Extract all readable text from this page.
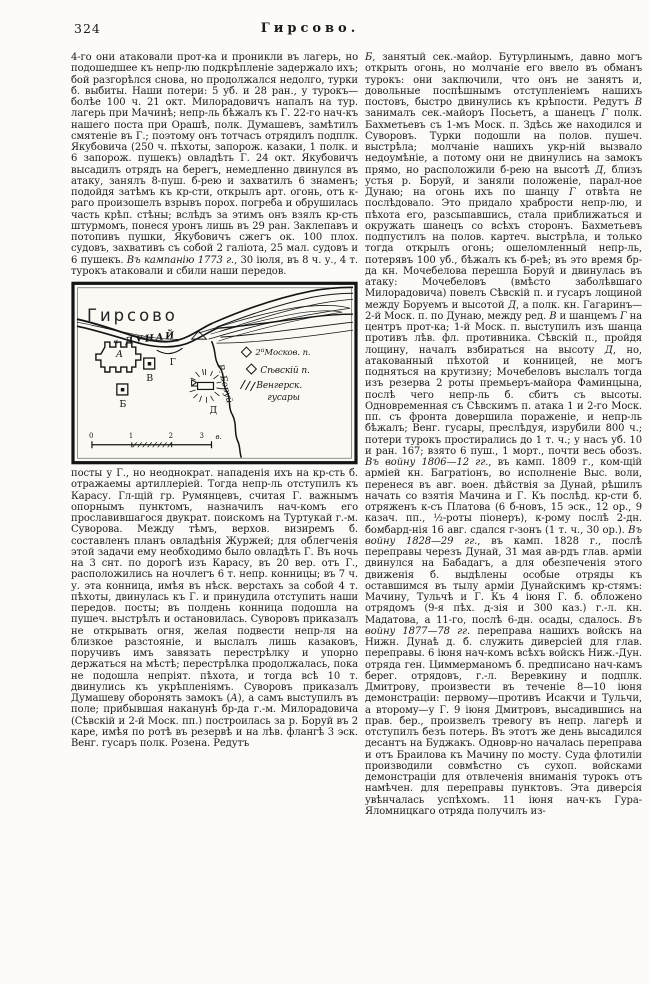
324	Гирсово.
4-го они атаковали прот-ка и проникли въ лагерь, но подошедшее къ непр-лю подкрѣпленіе задержало ихъ; бой разгорѣлся снова, но продолжался недолго, турки б. выбиты. Наши потери: 5 уб. и 28 ран., у турокъ—болѣе 100 ч. 21 окт. Милорадовичъ напалъ на тур. лагерь при Мачинѣ; непр-ль бѣжалъ къ Г. 22-го нач-къ нашего поста при Орашѣ, полк. Думашевъ, замѣтилъ смятеніе въ Г.; поэтому онъ тотчасъ отрядилъ подплк. Якубовича (250 ч. пѣхоты, запорож. казаки, 1 полк. и 6 запорож. пушекъ) овладѣть Г. 24 окт. Якубовичъ высадилъ отрядъ на берегъ, немедленно двинулся въ атаку, занялъ 8-пуш. б-рею и захватилъ 6 знаменъ; подойдя затѣмъ къ кр-сти, открылъ арт. огонь, отъ к-раго произошелъ взрывъ порох. погреба и обрушилась часть крѣп. стѣны; вслѣдъ за этимъ онъ взялъ кр-сть штурмомъ, понеся уронъ лишь въ 29 ран. Заклепавъ и потопивъ пушки, Якубовичъ сжегъ ок. 100 плох. судовъ, захвативъ съ собой 2 галіота, 25 мал. судовъ и 6 пушекъ. Въ кампанію 1773 г., 30 іюля, въ 8 ч. у., 4 т. турокъ атаковали и сбили наши передов.
Гирсово
« ДУНАЙ
А
В
Б
Г
Д
Р. Боруй
$2^йМосков$. п.
Сѣвскій п.
Венгерск.
гусары
0	1	2	3 в.
посты у Г., но неоднократ. нападенія ихъ на кр-сть б. отражаемы артиллеріей. Тогда непр-ль отступилъ къ Карасу. Гл-щій гр. Румянцевъ, считая Г. важнымъ опорнымъ пунктомъ, назначилъ нач-комъ его прославившагося двукрат. поискомъ на Туртукай г.-м. Суворова. Между тѣмъ, верхов. визиремъ б. составленъ планъ овладѣнія Журжей; для облегченія этой задачи ему необходимо было овладѣть Г. Въ ночь на 3 снт. по дорогѣ изъ Карасу, въ 20 вер. отъ Г., расположились на ночлегъ 6 т. непр. конницы; въ 7 ч. у. эта конница, имѣя въ нѣск. верстахъ за собой 4 т. пѣхоты, двинулась къ Г. и принудила отступить наши передов. посты; въ полдень конница подошла на пушеч. выстрѣлъ и остановилась. Суворовъ приказалъ не открывать огня, желая подвести непр-ля на близкое разстояніе, и выслалъ лишь казаковъ, поручивъ имъ завязать перестрѣлку и упорно держаться на мѣстѣ; перестрѣлка продолжалась, пока не подошла непріят. пѣхота, и тогда всѣ 10 т. двинулись къ укрѣпленіямъ. Суворовъ приказалъ Думашеву оборонять замокъ (А), а самъ выступилъ въ поле; прибывшая наканунѣ бр-да г.-м. Милорадовича (Сѣвскій и 2-й Моск. пп.) построилась за р. Боруй въ 2 каре, имѣя по ротѣ въ резервѣ и на лѣв. флангѣ 3 эск. Венг. гусаръ полк. Розена. Редутъ
Б, занятый сек.-майор. Бутурлинымъ, давно могъ открыть огонь, но молчаніе его ввело въ обманъ турокъ: они заключили, что онъ не занятъ и, довольные поспѣшнымъ отступленіемъ нашихъ постовъ, быстро двинулись къ крѣпости. Редутъ В занималъ сек.-майоръ Посьетъ, а шанецъ Г полк. Бахметьевъ съ 1-мъ Моск. п. Здѣсь же находился и Суворовъ. Турки подошли на полов. пушеч. выстрѣла; молчаніе нашихъ укр-ній вызвало недоумѣніе, а потому они не двинулись на замокъ прямо, но расположили б-рею на высотѣ Д, близъ устья р. Боруй, и заняли положеніе, парал-ное Дунаю; на огонь ихъ по шанцу Г отвѣта не послѣдовало. Это придало храбрости непр-лю, и пѣхота его, разсыпавшись, стала приближаться и окружать шанецъ со всѣхъ сторонъ. Бахметьевъ подпустилъ на полов. картеч. выстрѣла, и только тогда открылъ огонь; ошеломленный непр-ль, потерявъ 100 уб., бѣжалъ къ б-реѣ; въ это время бр-да кн. Мочебелова перешла Боруй и двинулась въ атаку: Мочебеловъ (вмѣсто заболѣвшаго Милорадовича) повелъ Сѣвскій п. и гусаръ лощиной между Боруемъ и высотой Д, а полк. кн. Гагаринъ—2-й Моск. п. по Дунаю, между ред. В и шанцемъ Г на центръ прот-ка; 1-й Моск. п. выступилъ изъ шанца противъ лѣв. фл. противника. Сѣвскій п., пройдя лощину, началъ взбираться на высоту Д, но, атакованный пѣхотой и конницей, не могъ подняться на крутизну; Мочебеловъ выслалъ тогда изъ резерва 2 роты премьеръ-майора Фаминцына, послѣ чего непр-ль б. сбитъ съ высоты. Одновременная съ Сѣвскимъ п. атака 1 и 2-го Моск. пп. съ фронта довершила пораженіе, и непр-ль бѣжалъ; Венг. гусары, преслѣдуя, изрубили 800 ч.; потери турокъ простирались до 1 т. ч.; у насъ уб. 10 и ран. 167; взято 6 пуш., 1 морт., почти весь обозъ. Въ войну 1806—12 гг., въ камп. 1809 г., ком-щій арміей кн. Багратіонъ, во исполненіе Выс. воли, перенеся въ авг. воен. дѣйствія за Дунай, рѣшилъ начать со взятія Мачина и Г. Къ послѣд. кр-сти б. отряженъ к-съ Платова (6 б-новъ, 15 эск., 12 ор., 9 казач. пп., ½-роты піонеръ), к-рому послѣ 2-дн. бомбард-нія 16 авг. сдался г-зонъ (1 т. ч., 30 ор.). Въ войну 1828—29 гг., въ камп. 1828 г., послѣ переправы черезъ Дунай, 31 мая ав-рдъ глав. арміи двинулся на Бабадагъ, а для обезпеченія этого движенія б. выдѣлены особые отряды къ оставшимся въ тылу арміи Дунайскимъ кр-стямъ: Мачину, Тульчѣ и Г. Къ 4 іюня Г. б. обложено отрядомъ (9-я пѣх. д-зія и 300 каз.) г.-л. кн. Мадатова, а 11-го, послѣ 6-дн. осады, сдалось. Въ войну 1877—78 гг. переправа нашихъ войскъ на Нижн. Дунаѣ д. б. служить диверсіей для глав. переправы. 6 іюня нач-комъ всѣхъ войскъ Ниж.-Дун. отряда ген. Циммерманомъ б. предписано нач-камъ берег. отрядовъ, г.-л. Веревкину и подплк. Дмитрову, произвести въ теченіе 8—10 іюня демонстраціи: первому—противъ Исакчи и Тульчи, а второму—у Г. 9 іюня Дмитровъ, высадившись на прав. бер., произвелъ тревогу въ непр. лагерѣ и отступилъ безъ потерь. Въ этотъ же день высадился десантъ на Буджакъ. Одновр-но началась переправа и отъ Браилова къ Мачину по мосту. Суда флотиліи производили совмѣстно съ сухоп. войсками демонстраціи для отвлеченія вниманія турокъ отъ намѣчен. для переправы пунктовъ. Эта диверсія увѣнчалась успѣхомъ. 11 іюня нач-къ Гура-Яломницкаго отряда получилъ из-
